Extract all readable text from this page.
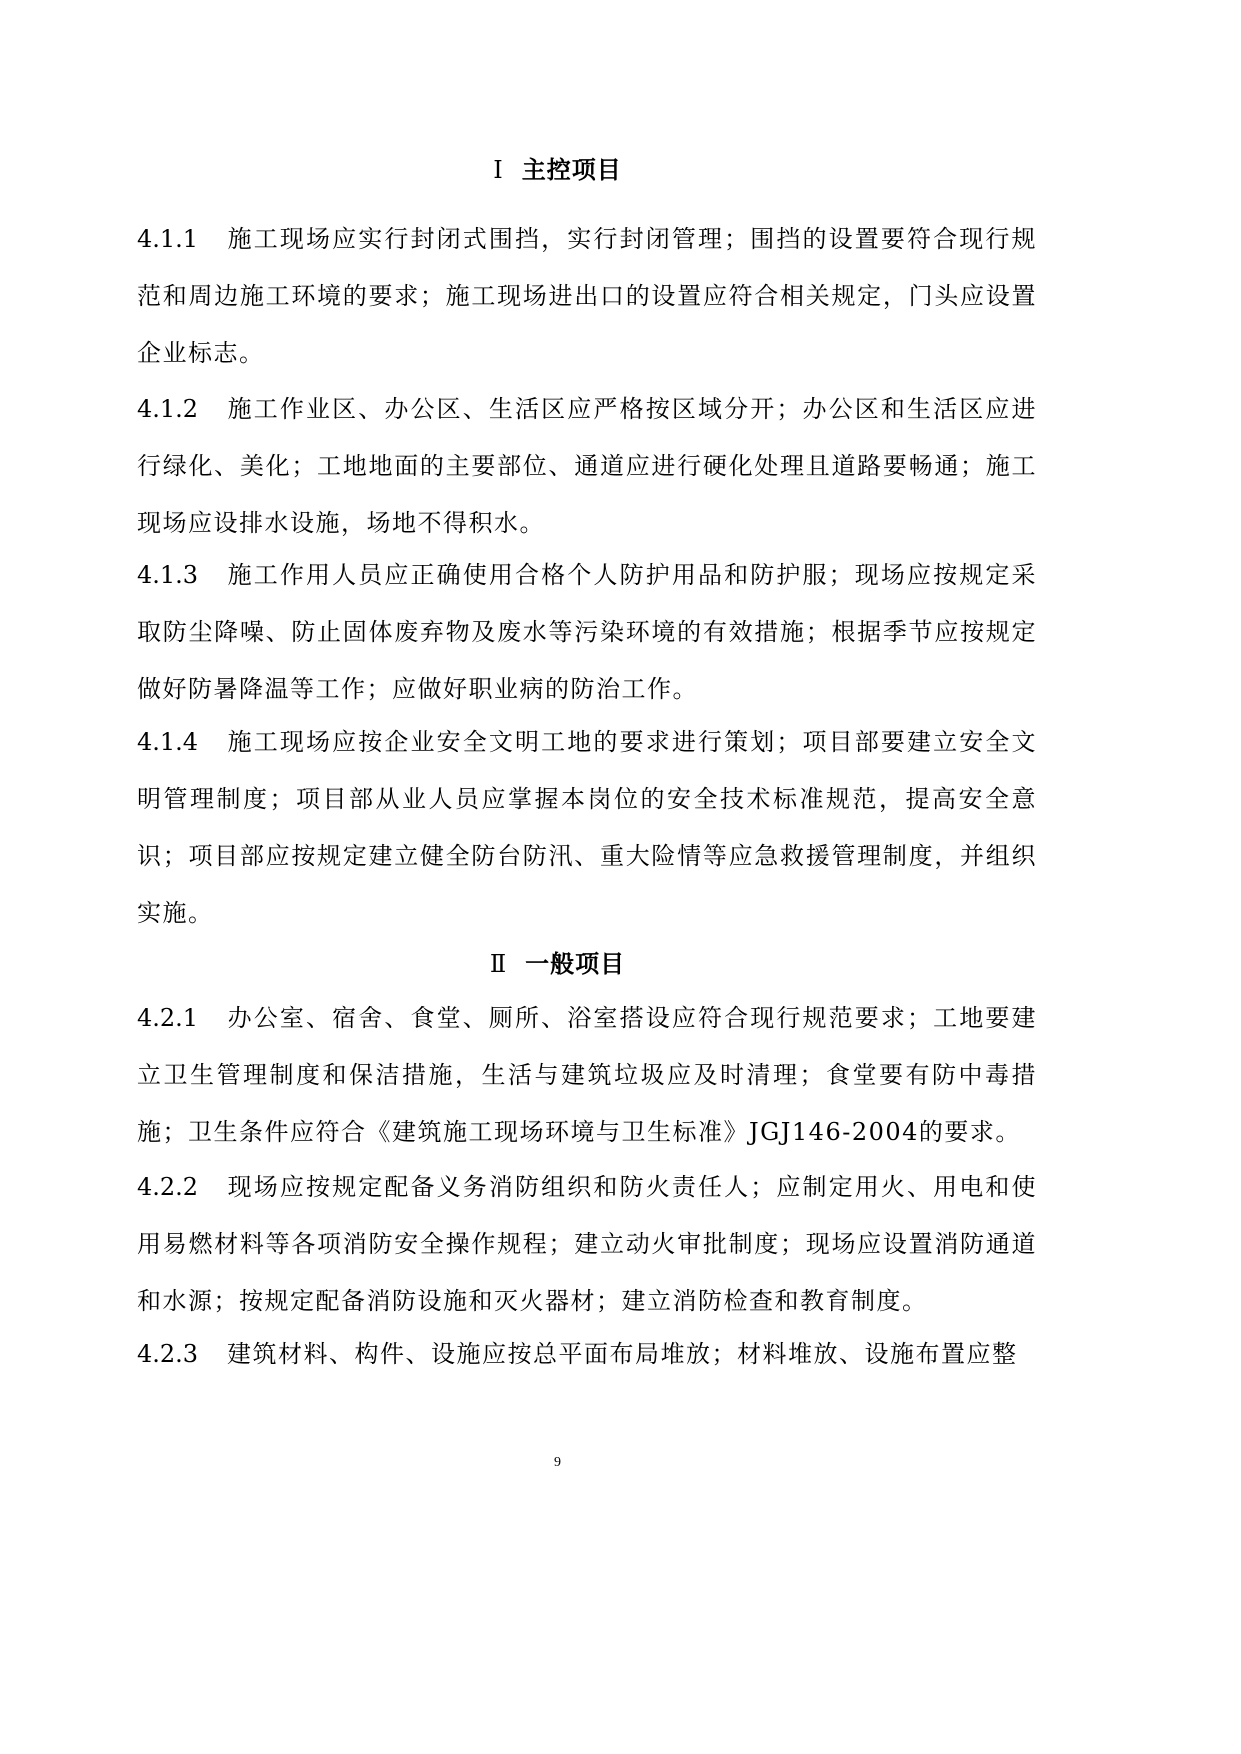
Ⅰ 主控项目
4.1.1 施工现场应实行封闭式围挡，实行封闭管理；围挡的设置要符合现行规范和周边施工环境的要求；施工现场进出口的设置应符合相关规定，门头应设置企业标志。
4.1.2 施工作业区、办公区、生活区应严格按区域分开；办公区和生活区应进行绿化、美化；工地地面的主要部位、通道应进行硬化处理且道路要畅通；施工现场应设排水设施，场地不得积水。
4.1.3 施工作用人员应正确使用合格个人防护用品和防护服；现场应按规定采取防尘降噪、防止固体废弃物及废水等污染环境的有效措施；根据季节应按规定做好防暑降温等工作；应做好职业病的防治工作。
4.1.4 施工现场应按企业安全文明工地的要求进行策划；项目部要建立安全文明管理制度；项目部从业人员应掌握本岗位的安全技术标准规范，提高安全意识；项目部应按规定建立健全防台防汛、重大险情等应急救援管理制度，并组织实施。
Ⅱ 一般项目
4.2.1 办公室、宿舍、食堂、厕所、浴室搭设应符合现行规范要求；工地要建立卫生管理制度和保洁措施，生活与建筑垃圾应及时清理；食堂要有防中毒措施；卫生条件应符合《建筑施工现场环境与卫生标准》JGJ146-2004的要求。
4.2.2 现场应按规定配备义务消防组织和防火责任人；应制定用火、用电和使用易燃材料等各项消防安全操作规程；建立动火审批制度；现场应设置消防通道和水源；按规定配备消防设施和灭火器材；建立消防检查和教育制度。
4.2.3 建筑材料、构件、设施应按总平面布局堆放；材料堆放、设施布置应整
9
